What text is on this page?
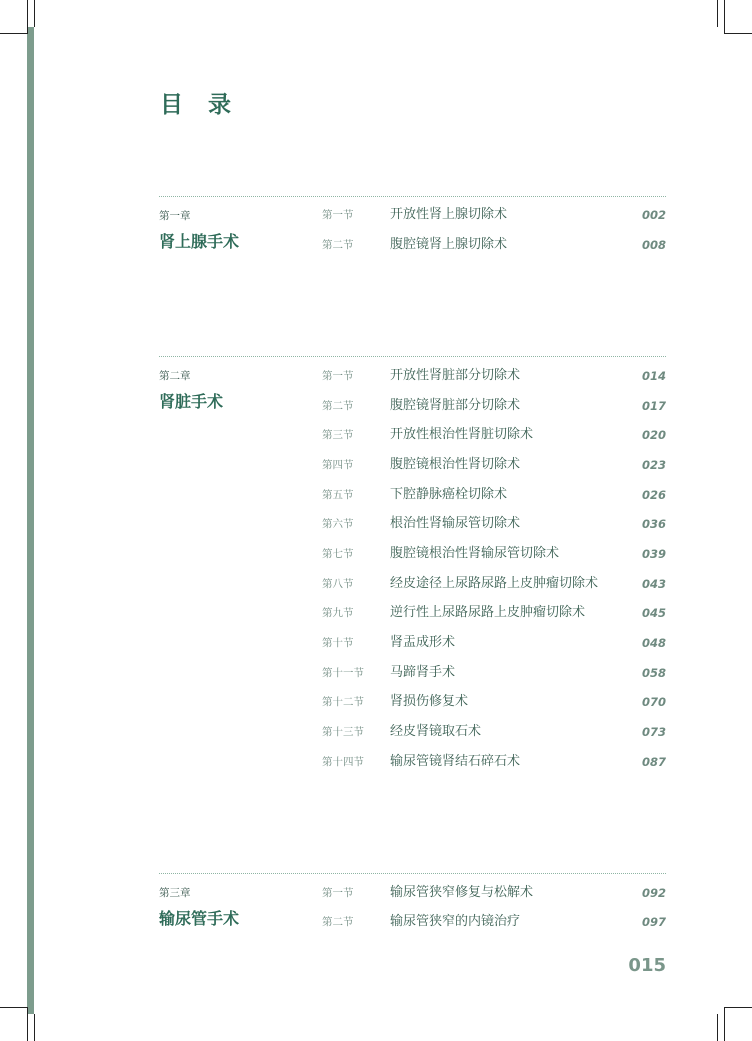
目　录
第一章
肾上腺手术
第一节	开放性肾上腺切除术	002
第二节	腹腔镜肾上腺切除术	008
第二章
肾脏手术
第一节	开放性肾脏部分切除术	014
第二节	腹腔镜肾脏部分切除术	017
第三节	开放性根治性肾脏切除术	020
第四节	腹腔镜根治性肾切除术	023
第五节	下腔静脉癌栓切除术	026
第六节	根治性肾输尿管切除术	036
第七节	腹腔镜根治性肾输尿管切除术	039
第八节	经皮途径上尿路尿路上皮肿瘤切除术	043
第九节	逆行性上尿路尿路上皮肿瘤切除术	045
第十节	肾盂成形术	048
第十一节 马蹄肾手术	058
第十二节 肾损伤修复术	070
第十三节 经皮肾镜取石术	073
第十四节 输尿管镜肾结石碎石术	087
第三章
输尿管手术
第一节	输尿管狭窄修复与松解术	092
第二节	输尿管狭窄的内镜治疗	097
015
